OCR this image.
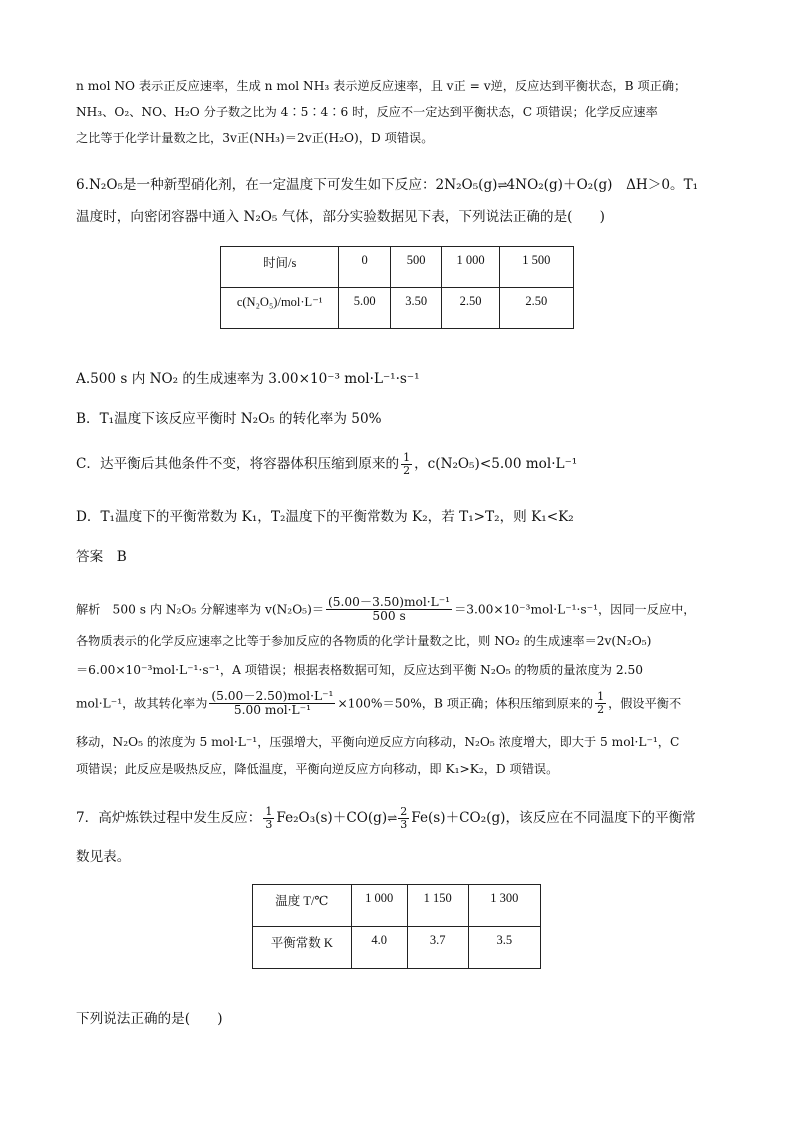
n mol NO 表示正反应速率，生成 n mol NH₃ 表示逆反应速率，且 v正 = v逆，反应达到平衡状态，B 项正确；
NH₃、O₂、NO、H₂O 分子数之比为 4∶5∶4∶6 时，反应不一定达到平衡状态，C 项错误；化学反应速率
之比等于化学计量数之比，3v正(NH₃)＝2v正(H₂O)，D 项错误。
6.N₂O₅是一种新型硝化剂，在一定温度下可发生如下反应：2N₂O₅(g)⇌4NO₂(g)＋O₂(g)　ΔH＞0。T₁
温度时，向密闭容器中通入 N₂O₅ 气体，部分实验数据见下表，下列说法正确的是(　　)
时间/s	0	500	1 000	1 500
c(N₂O₅)/mol·L⁻¹	5.00	3.50	2.50	2.50
A.500 s 内 NO₂ 的生成速率为 3.00×10⁻³ mol·L⁻¹·s⁻¹
B．T₁温度下该反应平衡时 N₂O₅ 的转化率为 50%
C．达平衡后其他条件不变，将容器体积压缩到原来的 $\frac{1}{2}$ ，c(N₂O₅)<5.00 mol·L⁻¹
D．T₁温度下的平衡常数为 K₁，T₂温度下的平衡常数为 K₂，若 T₁>T₂，则 K₁<K₂
答案　B
解析　500 s 内 N₂O₅ 分解速率为 $v(N_2O_5)= \frac{\text{(5.00－3.50)mol·L⁻¹}}{500 s} =3.00\times 10^{-3}mol\cdot L^{-1}\cdot s^{-1}$，因同一反应中，
各物质表示的化学反应速率之比等于参加反应的各物质的化学计量数之比，则 NO₂ 的生成速率＝2v(N₂O₅)
＝6.00×10⁻³mol·L⁻¹·s⁻¹，A 项错误；根据表格数据可知，反应达到平衡 N₂O₅ 的物质的量浓度为 2.50
mol·L⁻¹，故其转化率为 $\frac{\text{(5.00－2.50)mol·L⁻¹}}{\text{5.00 mol·L⁻¹}} \times 100\%=50\%$，B 项正确；体积压缩到原来的 $\frac{1}{2}$ ，假设平衡不
移动，N₂O₅ 的浓度为 5 mol·L⁻¹，压强增大，平衡向逆反应方向移动，N₂O₅ 浓度增大，即大于 5 mol·L⁻¹，C
项错误；此反应是吸热反应，降低温度，平衡向逆反应方向移动，即 K₁>K₂，D 项错误。
7．高炉炼铁过程中发生反应： $\frac{1}{3}$ Fe₂O₃(s)＋CO(g)⇌ $\frac{2}{3} Fe(s)+CO_2(g)$，该反应在不同温度下的平衡常
数见表。
温度 T/℃	1 000	1 150	1 300
平衡常数 K	4.0	3.7	3.5
下列说法正确的是(　　)
